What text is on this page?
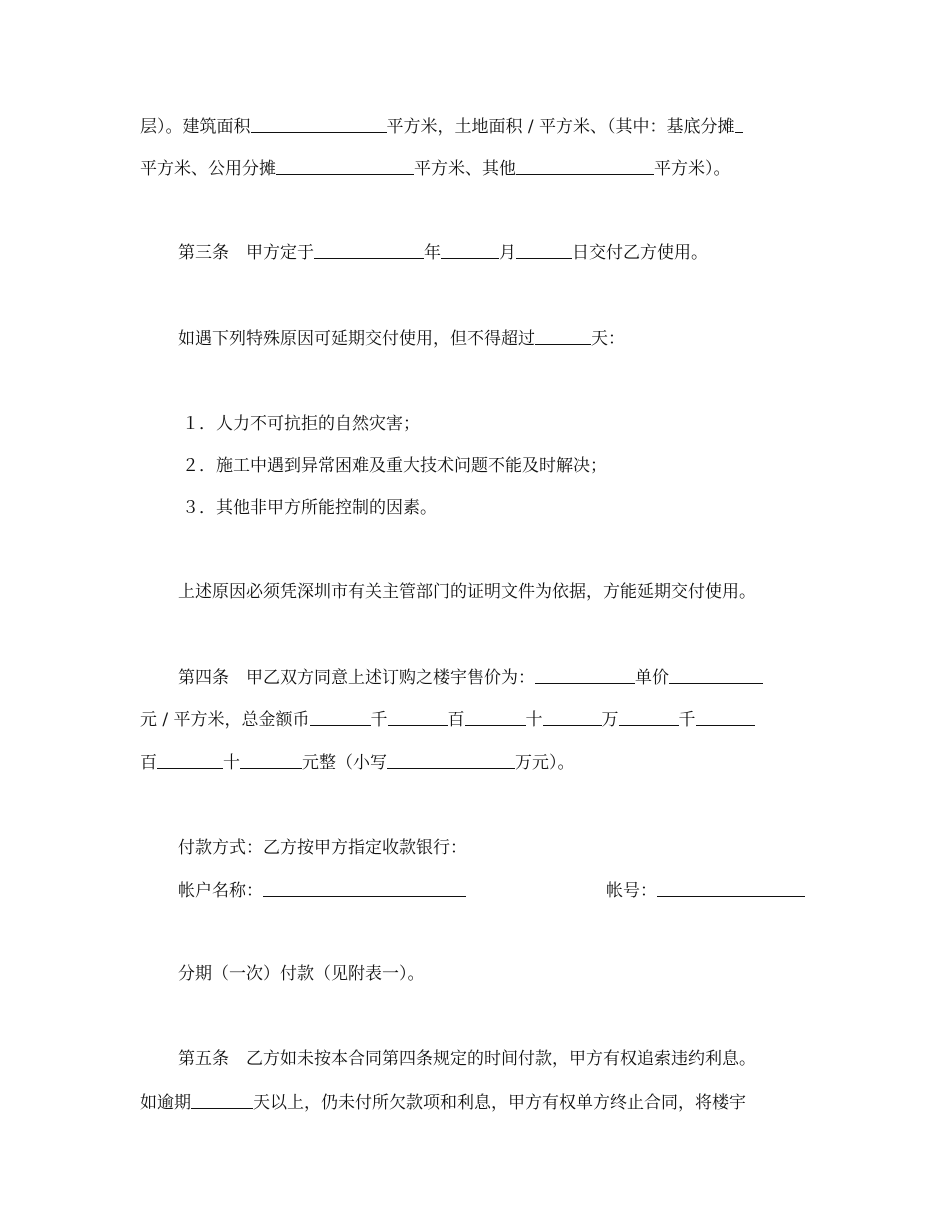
层）。建筑面积	平方米，土地面积 / 平方米、（其中：基底分摊
平方米、公用分摊	平方米、其他	平方米）。
第三条　甲方定于	年	月	日交付乙方使用。
如遇下列特殊原因可延期交付使用，但不得超过	天：
１．人力不可抗拒的自然灾害；
２．施工中遇到异常困难及重大技术问题不能及时解决；
３．其他非甲方所能控制的因素。
上述原因必须凭深圳市有关主管部门的证明文件为依据，方能延期交付使用。
第四条　甲乙双方同意上述订购之楼宇售价为：	单价
元 / 平方米，总金额币	千	百	十	万	千
百	十	元整（小写	万元）。
付款方式：乙方按甲方指定收款银行：
帐户名称：	帐号：
分期（一次）付款（见附表一）。
第五条　乙方如未按本合同第四条规定的时间付款，甲方有权追索违约利息。
如逾期	天以上，仍未付所欠款项和利息，甲方有权单方终止合同，将楼宇
